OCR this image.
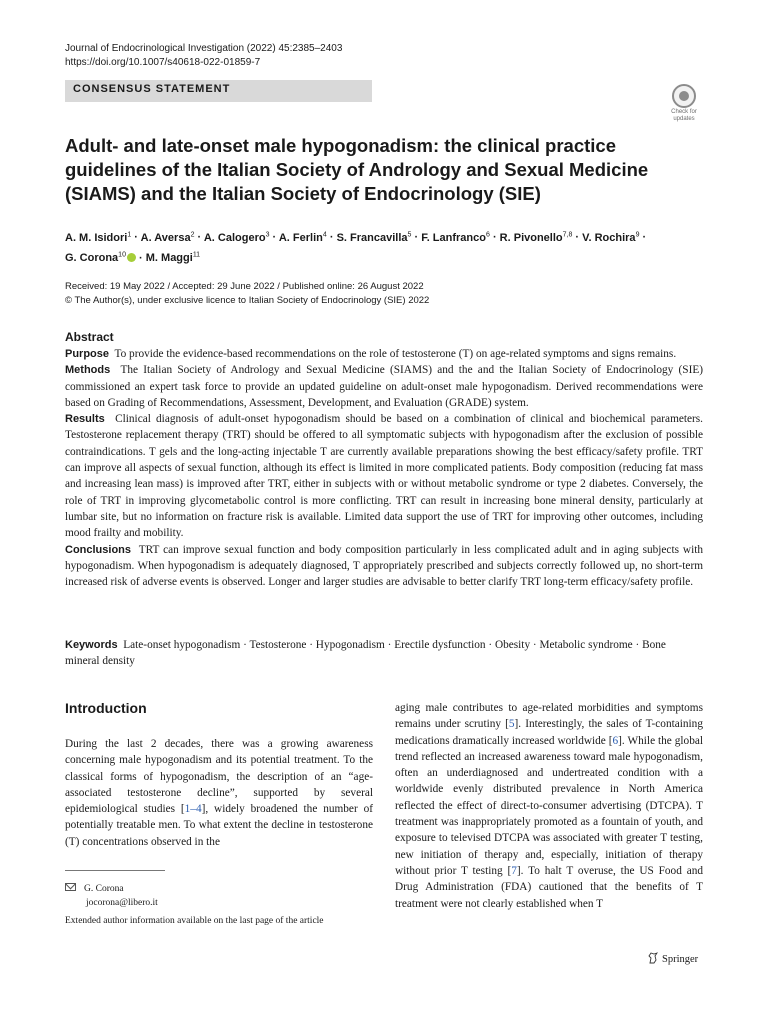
Journal of Endocrinological Investigation (2022) 45:2385–2403
https://doi.org/10.1007/s40618-022-01859-7
CONSENSUS STATEMENT
Check for
updates
Adult- and late-onset male hypogonadism: the clinical practice guidelines of the Italian Society of Andrology and Sexual Medicine (SIAMS) and the Italian Society of Endocrinology (SIE)
A. M. Isidori$^1$ · A. Aversa$^2$ · A. Calogero$^3$ · A. Ferlin$^4$ · S. Francavilla$^5$ · F. Lanfranco$^6$ · R. Pivonello$^{7,8}$ · V. Rochira$^9$ ·
G. Corona$^{10}$ · M. Maggi$^{11}$
Received: 19 May 2022 / Accepted: 29 June 2022 / Published online: 26 August 2022
© The Author(s), under exclusive licence to Italian Society of Endocrinology (SIE) 2022
Abstract

Purpose To provide the evidence-based recommendations on the role of testosterone (T) on age-related symptoms and signs remains.

Methods The Italian Society of Andrology and Sexual Medicine (SIAMS) and the and the Italian Society of Endocrinology (SIE) commissioned an expert task force to provide an updated guideline on adult-onset male hypogonadism. Derived recommendations were based on Grading of Recommendations, Assessment, Development, and Evaluation (GRADE) system.

Results Clinical diagnosis of adult-onset hypogonadism should be based on a combination of clinical and biochemical parameters. Testosterone replacement therapy (TRT) should be offered to all symptomatic subjects with hypogonadism after the exclusion of possible contraindications. T gels and the long-acting injectable T are currently available preparations showing the best efficacy/safety profile. TRT can improve all aspects of sexual function, although its effect is limited in more complicated patients. Body composition (reducing fat mass and increasing lean mass) is improved after TRT, either in subjects with or without metabolic syndrome or type 2 diabetes. Conversely, the role of TRT in improving glycometabolic control is more conflicting. TRT can result in increasing bone mineral density, particularly at lumbar site, but no information on fracture risk is available. Limited data support the use of TRT for improving other outcomes, including mood frailty and mobility.

Conclusions TRT can improve sexual function and body composition particularly in less complicated adult and in aging subjects with hypogonadism. When hypogonadism is adequately diagnosed, T appropriately prescribed and subjects correctly followed up, no short-term increased risk of adverse events is observed. Longer and larger studies are advisable to better clarify TRT long-term efficacy/safety profile.

Keywords Late-onset hypogonadism · Testosterone · Hypogonadism · Erectile dysfunction · Obesity · Metabolic syndrome · Bone mineral density
Introduction

During the last 2 decades, there was a growing awareness concerning male hypogonadism and its potential treatment. To the classical forms of hypogonadism, the description of an “age-associated testosterone decline”, supported by several epidemiological studies [1–4], widely broadened the number of potentially treatable men. To what extent the decline in testosterone (T) concentrations observed in the

aging male contributes to age-related morbidities and symptoms remains under scrutiny [5]. Interestingly, the sales of T-containing medications dramatically increased worldwide [6]. While the global trend reflected an increased awareness toward male hypogonadism, often an underdiagnosed and undertreated condition with a worldwide evenly distributed prevalence in North America reflected the effect of direct-to-consumer advertising (DTCPA). T treatment was inappropriately promoted as a fountain of youth, and exposure to televised DTCPA was associated with greater T testing, new initiation of therapy and, especially, initiation of therapy without prior T testing [7]. To halt T overuse, the US Food and Drug Administration (FDA) cautioned that the benefits of T treatment were not clearly established when T

G. Corona
jocorona@libero.it
Extended author information available on the last page of the article
Springer
